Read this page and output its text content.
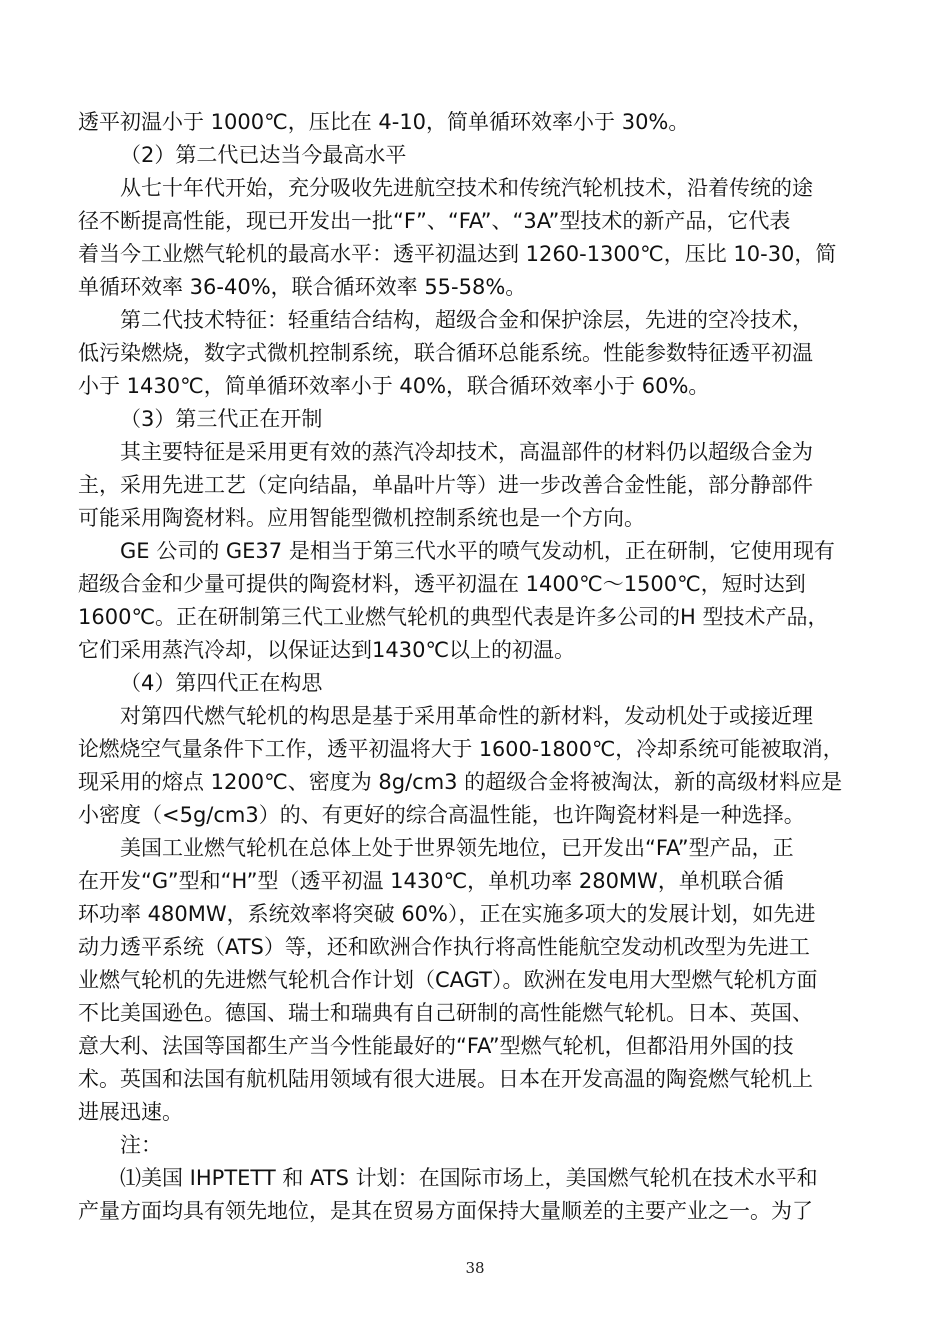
透平初温小于 1000℃，压比在 4-10，简单循环效率小于 30%。
（2）第二代已达当今最高水平
从七十年代开始，充分吸收先进航空技术和传统汽轮机技术，沿着传统的途
径不断提高性能，现已开发出一批“F”、“FA”、“3A”型技术的新产品，它代表
着当今工业燃气轮机的最高水平：透平初温达到 1260-1300℃，压比 10-30，简
单循环效率 36-40%，联合循环效率 55-58%。
第二代技术特征：轻重结合结构，超级合金和保护涂层，先进的空冷技术，
低污染燃烧，数字式微机控制系统，联合循环总能系统。性能参数特征透平初温
小于 1430℃，简单循环效率小于 40%，联合循环效率小于 60%。
（3）第三代正在开制
其主要特征是采用更有效的蒸汽冷却技术，高温部件的材料仍以超级合金为
主，采用先进工艺（定向结晶，单晶叶片等）进一步改善合金性能，部分静部件
可能采用陶瓷材料。应用智能型微机控制系统也是一个方向。
GE 公司的 GE37 是相当于第三代水平的喷气发动机，正在研制，它使用现有
超级合金和少量可提供的陶瓷材料，透平初温在 1400℃～1500℃，短时达到
1600℃。正在研制第三代工业燃气轮机的典型代表是许多公司的H 型技术产品，
它们采用蒸汽冷却，以保证达到1430℃以上的初温。
（4）第四代正在构思
对第四代燃气轮机的构思是基于采用革命性的新材料，发动机处于或接近理
论燃烧空气量条件下工作，透平初温将大于 1600-1800℃，冷却系统可能被取消，
现采用的熔点 1200℃、密度为 8g/cm3 的超级合金将被淘汰，新的高级材料应是
小密度（<5g/cm3）的、有更好的综合高温性能，也许陶瓷材料是一种选择。
美国工业燃气轮机在总体上处于世界领先地位，已开发出“FA”型产品，正
在开发“G”型和“H”型（透平初温 1430℃，单机功率 280MW，单机联合循
环功率 480MW，系统效率将突破 60%），正在实施多项大的发展计划，如先进
动力透平系统（ATS）等，还和欧洲合作执行将高性能航空发动机改型为先进工
业燃气轮机的先进燃气轮机合作计划（CAGT）。欧洲在发电用大型燃气轮机方面
不比美国逊色。德国、瑞士和瑞典有自己研制的高性能燃气轮机。日本、英国、
意大利、法国等国都生产当今性能最好的“FA”型燃气轮机，但都沿用外国的技
术。英国和法国有航机陆用领域有很大进展。日本在开发高温的陶瓷燃气轮机上
进展迅速。
注：
⑴美国 IHPTETT 和 ATS 计划：在国际市场上，美国燃气轮机在技术水平和
产量方面均具有领先地位，是其在贸易方面保持大量顺差的主要产业之一。为了
38
